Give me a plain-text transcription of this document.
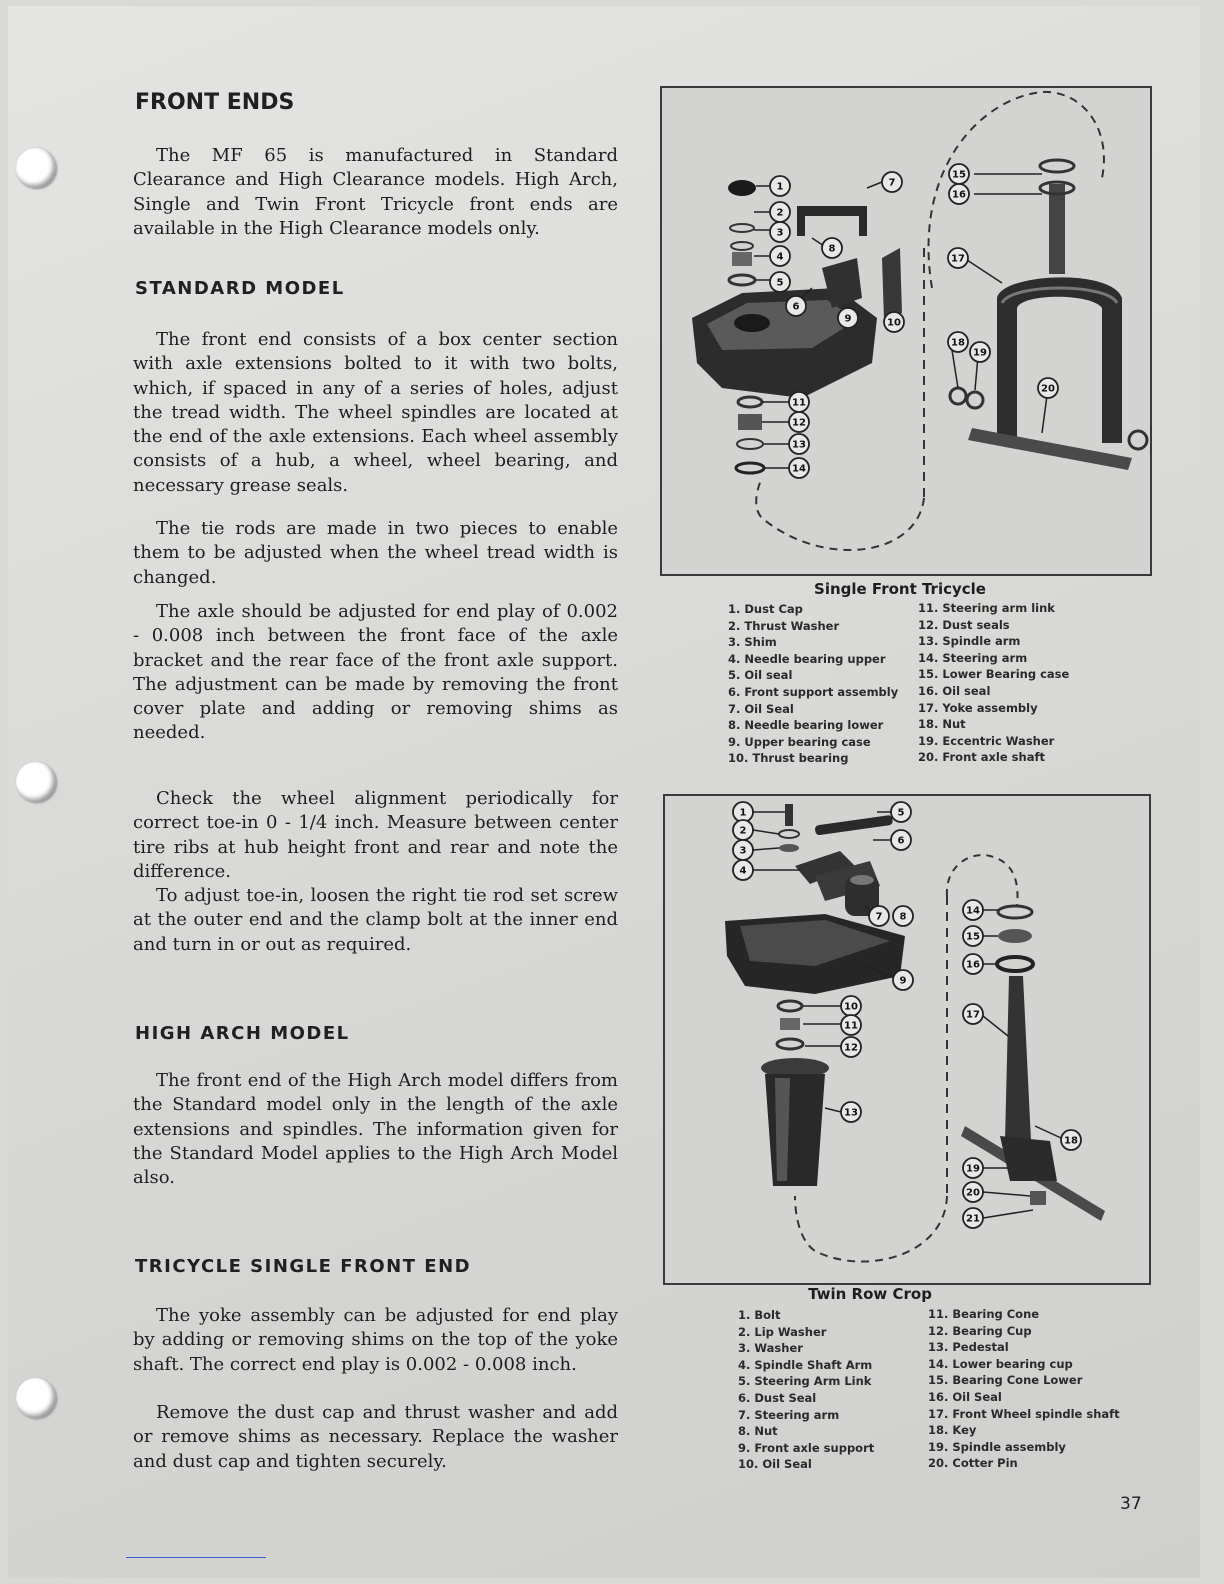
FRONT ENDS

The MF 65 is manufactured in Standard Clearance and High Clearance models. High Arch, Single and Twin Front Tricycle front ends are available in the High Clearance models only.

STANDARD MODEL

The front end consists of a box center section with axle extensions bolted to it with two bolts, which, if spaced in any of a series of holes, adjust the tread width. The wheel spindles are located at the end of the axle extensions. Each wheel assembly consists of a hub, a wheel, wheel bearing, and necessary grease seals.

The tie rods are made in two pieces to enable them to be adjusted when the wheel tread width is changed.

The axle should be adjusted for end play of 0.002 - 0.008 inch between the front face of the axle bracket and the rear face of the front axle support. The adjustment can be made by removing the front cover plate and adding or removing shims as needed.

Check the wheel alignment periodically for correct toe-in 0 - 1/4 inch. Measure between center tire ribs at hub height front and rear and note the difference.

To adjust toe-in, loosen the right tie rod set screw at the outer end and the clamp bolt at the inner end and turn in or out as required.

HIGH ARCH MODEL

The front end of the High Arch model differs from the Standard model only in the length of the axle extensions and spindles. The information given for the Standard Model applies to the High Arch Model also.

TRICYCLE SINGLE FRONT END

The yoke assembly can be adjusted for end play by adding or removing shims on the top of the yoke shaft. The correct end play is 0.002 - 0.008 inch.

Remove the dust cap and thrust washer and add or remove shims as necessary. Replace the washer and dust cap and tighten securely.

1
2
3
4
5
6
7
8
9	10
11
12
13
14
15
16
17
18
19
20

Single Front Tricycle

1. Dust Cap
2. Thrust Washer
3. Shim
4. Needle bearing upper
5. Oil seal
6. Front support assembly
7. Oil Seal
8. Needle bearing lower
9. Upper bearing case
10. Thrust bearing
11. Steering arm link
12. Dust seals
13. Spindle arm
14. Steering arm
15. Lower Bearing case
16. Oil seal
17. Yoke assembly
18. Nut
19. Eccentric Washer
20. Front axle shaft
1
2
3
4
5
6
7 8
9
10
11
12
13
14
15
16
17
18
19
20
21

Twin Row Crop

1. Bolt
2. Lip Washer
3. Washer
4. Spindle Shaft Arm
5. Steering Arm Link
6. Dust Seal
7. Steering arm
8. Nut
9. Front axle support
10. Oil Seal
11. Bearing Cone
12. Bearing Cup
13. Pedestal
14. Lower bearing cup
15. Bearing Cone Lower
16. Oil Seal
17. Front Wheel spindle shaft
18. Key
19. Spindle assembly
20. Cotter Pin
37
